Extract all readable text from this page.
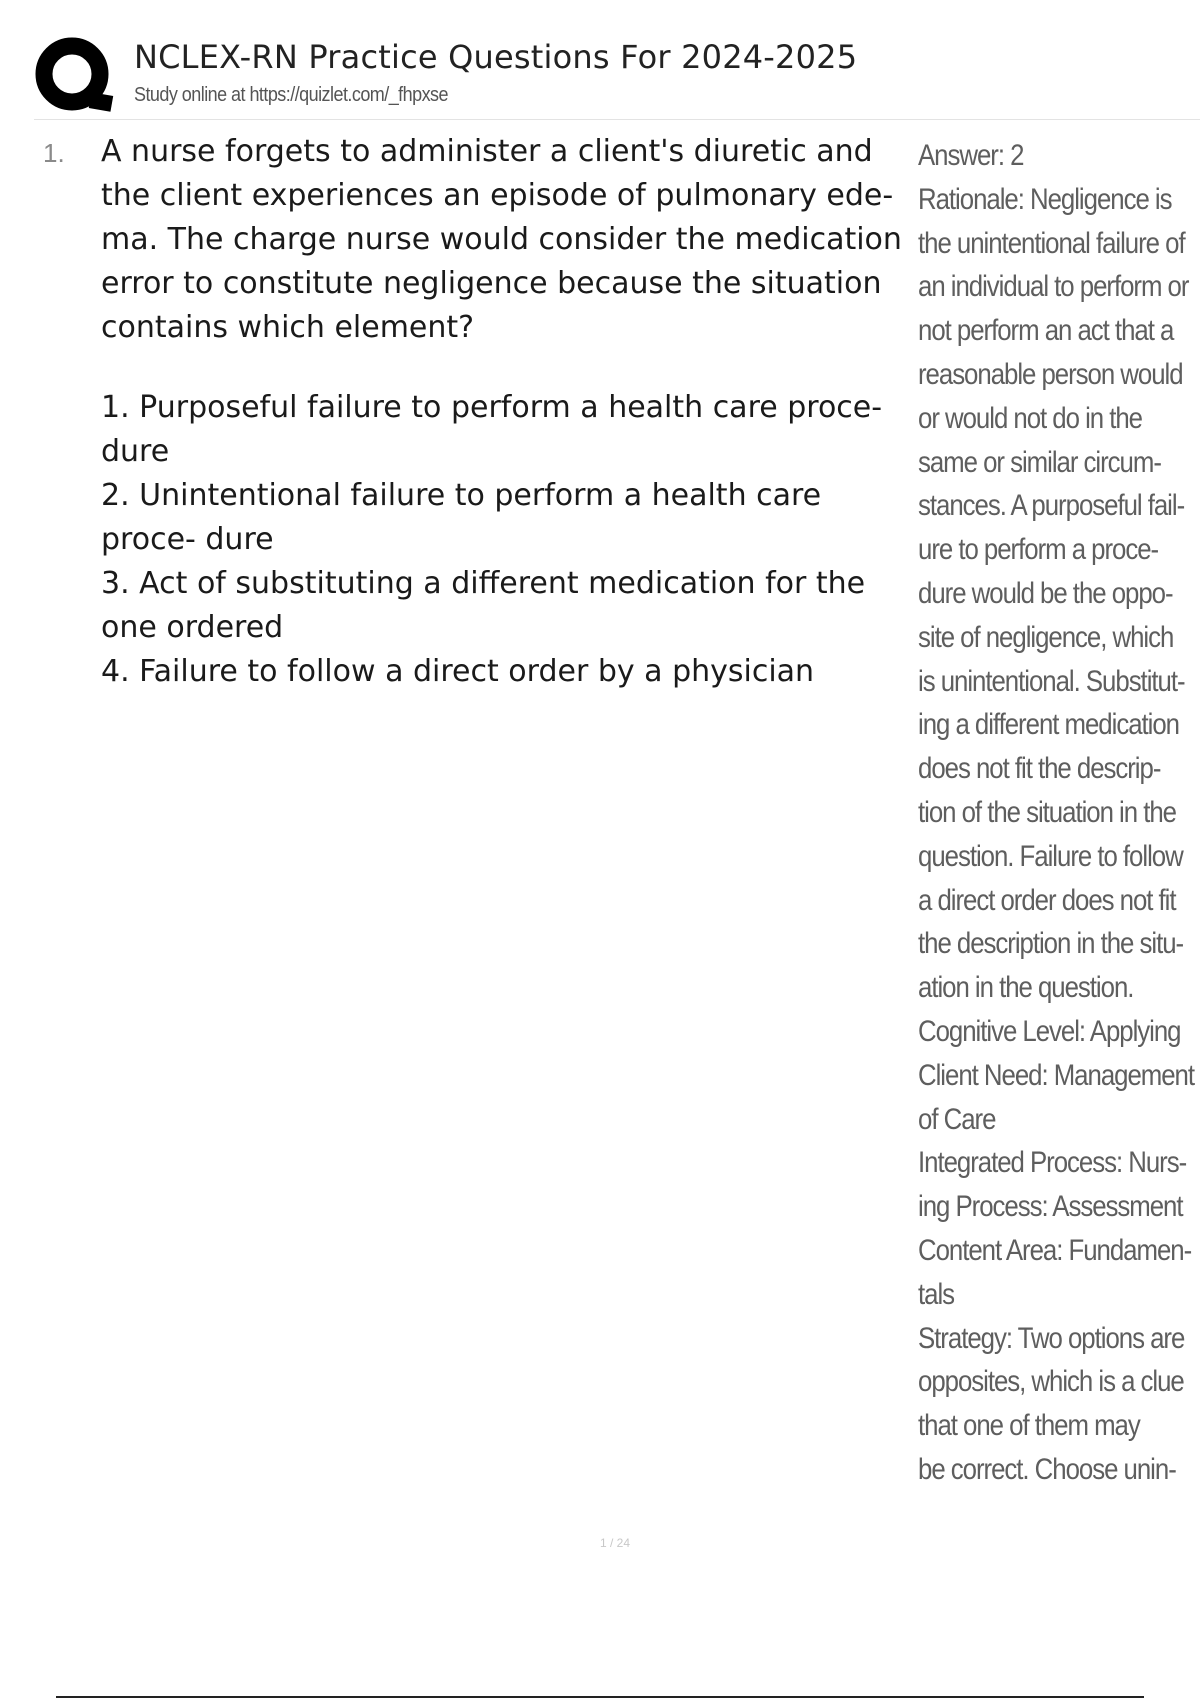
NCLEX-RN Practice Questions For 2024-2025
Study online at https://quizlet.com/_fhpxse
1. A nurse forgets to administer a client's diuretic and the client experiences an episode of pulmonary ede- ma. The charge nurse would consider the medication error to constitute negligence because the situation contains which element?

1. Purposeful failure to perform a health care proce- dure
2. Unintentional failure to perform a health care proce- dure
3. Act of substituting a different medication for the one ordered
4. Failure to follow a direct order by a physician
Answer: 2
Rationale: Negligence is
the unintentional failure of
an individual to perform or
not perform an act that a
reasonable person would
or would not do in the
same or similar circum-
stances. A purposeful fail-
ure to perform a proce-
dure would be the oppo-
site of negligence, which
is unintentional. Substitut-
ing a different medication
does not fit the descrip-
tion of the situation in the
question. Failure to follow
a direct order does not fit
the description in the situ-
ation in the question.
Cognitive Level: Applying
Client Need: Management
of Care
Integrated Process: Nurs-
ing Process: Assessment
Content Area: Fundamen-
tals
Strategy: Two options are
opposites, which is a clue
that one of them may
be correct. Choose unin-
1 / 24
